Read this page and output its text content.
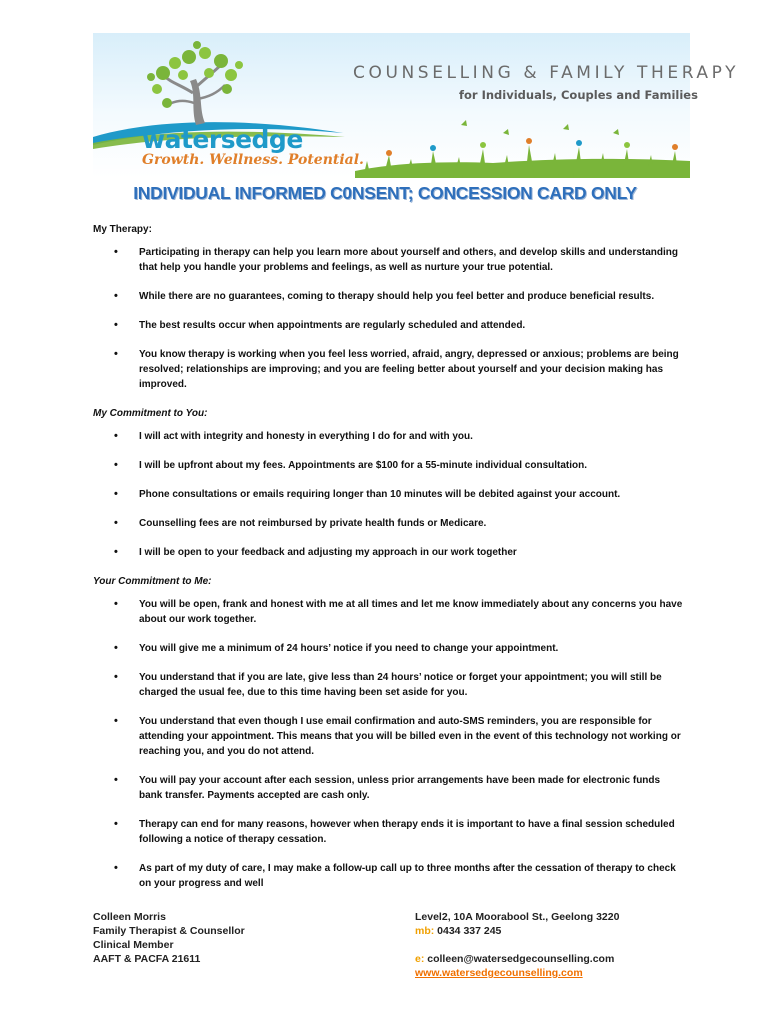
COUNSELLING & FAMILY THERAPY
for Individuals, Couples and Families
watersedge
Growth. Wellness. Potential.
INDIVIDUAL INFORMED C0NSENT; CONCESSION CARD ONLY
My Therapy:
• Participating in therapy can help you learn more about yourself and others, and develop skills and understanding that help you handle your problems and feelings, as well as nurture your true potential.
• While there are no guarantees, coming to therapy should help you feel better and produce beneficial results.
• The best results occur when appointments are regularly scheduled and attended.
• You know therapy is working when you feel less worried, afraid, angry, depressed or anxious; problems are being resolved; relationships are improving; and you are feeling better about yourself and your decision making has improved.
My Commitment to You:
• I will act with integrity and honesty in everything I do for and with you.
• I will be upfront about my fees. Appointments are $100 for a 55-minute individual consultation.
• Phone consultations or emails requiring longer than 10 minutes will be debited against your account.
• Counselling fees are not reimbursed by private health funds or Medicare.
• I will be open to your feedback and adjusting my approach in our work together
Your Commitment to Me:
• You will be open, frank and honest with me at all times and let me know immediately about any concerns you have about our work together.
• You will give me a minimum of 24 hours’ notice if you need to change your appointment.
• You understand that if you are late, give less than 24 hours’ notice or forget your appointment; you will still be charged the usual fee, due to this time having been set aside for you.
• You understand that even though I use email confirmation and auto-SMS reminders, you are responsible for attending your appointment. This means that you will be billed even in the event of this technology not working or reaching you, and you do not attend.
• You will pay your account after each session, unless prior arrangements have been made for electronic funds bank transfer. Payments accepted are cash only.
• Therapy can end for many reasons, however when therapy ends it is important to have a final session scheduled following a notice of therapy cessation.
• As part of my duty of care, I may make a follow-up call up to three months after the cessation of therapy to check on your progress and well
Colleen Morris
Family Therapist & Counsellor
Clinical Member
AAFT & PACFA 21611
Level2, 10A Moorabool St., Geelong 3220
mb: 0434 337 245
e: colleen@watersedgecounselling.com
www.watersedgecounselling.com
